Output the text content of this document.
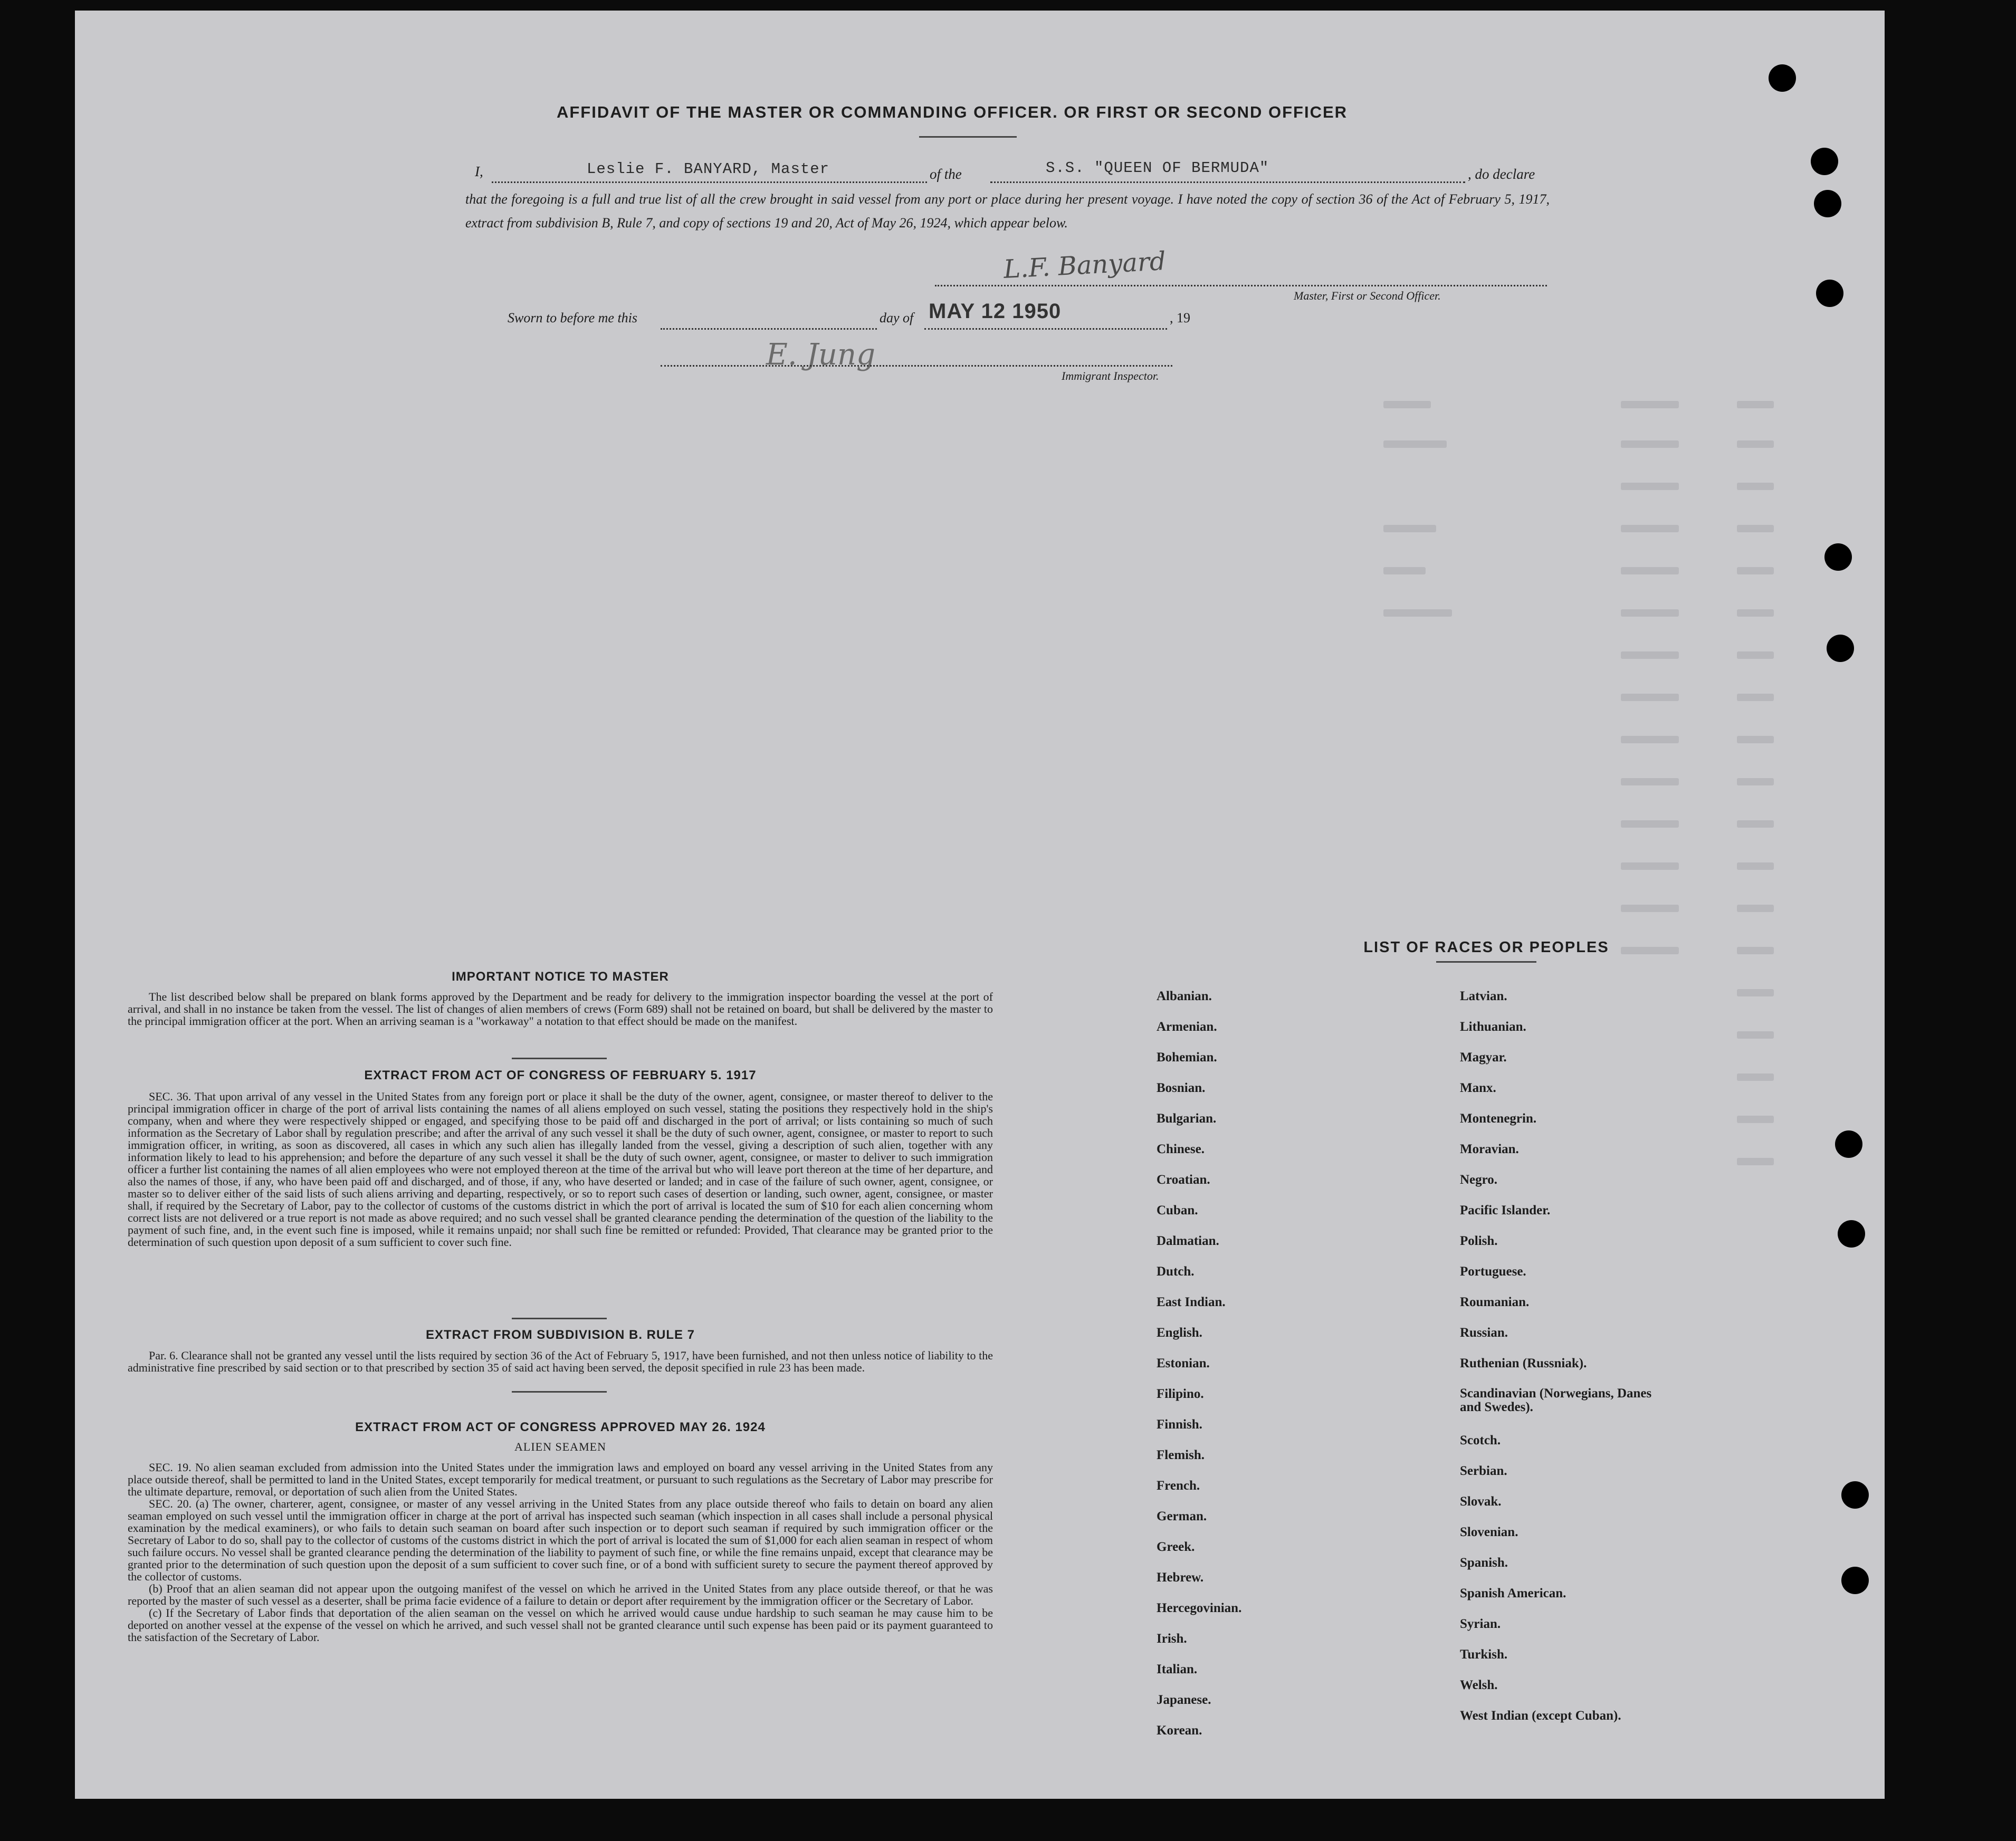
AFFIDAVIT OF THE MASTER OR COMMANDING OFFICER. OR FIRST OR SECOND OFFICER
I,	Leslie F. BANYARD, Master	of the	S.S. "QUEEN OF BERMUDA"	, do declare
that the foregoing is a full and true list of all the crew brought in said vessel from any port or place during her present voyage. I have noted the copy of section 36 of the Act of February 5, 1917, extract from subdivision B, Rule 7, and copy of sections 19 and 20, Act of May 26, 1924, which appear below.
L.F. Banyard
Master, First or Second Officer.
Sworn to before me this	day of MAY 12 1950	, 19
E. Jung
Immigrant Inspector.
IMPORTANT NOTICE TO MASTER
The list described below shall be prepared on blank forms approved by the Department and be ready for delivery to the immigration inspector boarding the vessel at the port of arrival, and shall in no instance be taken from the vessel. The list of changes of alien members of crews (Form 689) shall not be retained on board, but shall be delivered by the master to the principal immigration officer at the port. When an arriving seaman is a "workaway" a notation to that effect should be made on the manifest.
EXTRACT FROM ACT OF CONGRESS OF FEBRUARY 5. 1917
SEC. 36. That upon arrival of any vessel in the United States from any foreign port or place it shall be the duty of the owner, agent, consignee, or master thereof to deliver to the principal immigration officer in charge of the port of arrival lists containing the names of all aliens employed on such vessel, stating the positions they respectively hold in the ship's company, when and where they were respectively shipped or engaged, and specifying those to be paid off and discharged in the port of arrival; or lists containing so much of such information as the Secretary of Labor shall by regulation prescribe; and after the arrival of any such vessel it shall be the duty of such owner, agent, consignee, or master to report to such immigration officer, in writing, as soon as discovered, all cases in which any such alien has illegally landed from the vessel, giving a description of such alien, together with any information likely to lead to his apprehension; and before the departure of any such vessel it shall be the duty of such owner, agent, consignee, or master to deliver to such immigration officer a further list containing the names of all alien employees who were not employed thereon at the time of the arrival but who will leave port thereon at the time of her departure, and also the names of those, if any, who have been paid off and discharged, and of those, if any, who have deserted or landed; and in case of the failure of such owner, agent, consignee, or master so to deliver either of the said lists of such aliens arriving and departing, respectively, or so to report such cases of desertion or landing, such owner, agent, consignee, or master shall, if required by the Secretary of Labor, pay to the collector of customs of the customs district in which the port of arrival is located the sum of $10 for each alien concerning whom correct lists are not delivered or a true report is not made as above required; and no such vessel shall be granted clearance pending the determination of the question of the liability to the payment of such fine, and, in the event such fine is imposed, while it remains unpaid; nor shall such fine be remitted or refunded: Provided, That clearance may be granted prior to the determination of such question upon deposit of a sum sufficient to cover such fine.
EXTRACT FROM SUBDIVISION B. RULE 7
Par. 6. Clearance shall not be granted any vessel until the lists required by section 36 of the Act of February 5, 1917, have been furnished, and not then unless notice of liability to the administrative fine prescribed by said section or to that prescribed by section 35 of said act having been served, the deposit specified in rule 23 has been made.
EXTRACT FROM ACT OF CONGRESS APPROVED MAY 26. 1924
ALIEN SEAMEN
SEC. 19. No alien seaman excluded from admission into the United States under the immigration laws and employed on board any vessel arriving in the United States from any place outside thereof, shall be permitted to land in the United States, except temporarily for medical treatment, or pursuant to such regulations as the Secretary of Labor may prescribe for the ultimate departure, removal, or deportation of such alien from the United States.
SEC. 20. (a) The owner, charterer, agent, consignee, or master of any vessel arriving in the United States from any place outside thereof who fails to detain on board any alien seaman employed on such vessel until the immigration officer in charge at the port of arrival has inspected such seaman (which inspection in all cases shall include a personal physical examination by the medical examiners), or who fails to detain such seaman on board after such inspection or to deport such seaman if required by such immigration officer or the Secretary of Labor to do so, shall pay to the collector of customs of the customs district in which the port of arrival is located the sum of $1,000 for each alien seaman in respect of whom such failure occurs. No vessel shall be granted clearance pending the determination of the liability to payment of such fine, or while the fine remains unpaid, except that clearance may be granted prior to the determination of such question upon the deposit of a sum sufficient to cover such fine, or of a bond with sufficient surety to secure the payment thereof approved by the collector of customs.
(b) Proof that an alien seaman did not appear upon the outgoing manifest of the vessel on which he arrived in the United States from any place outside thereof, or that he was reported by the master of such vessel as a deserter, shall be prima facie evidence of a failure to detain or deport after requirement by the immigration officer or the Secretary of Labor.
(c) If the Secretary of Labor finds that deportation of the alien seaman on the vessel on which he arrived would cause undue hardship to such seaman he may cause him to be deported on another vessel at the expense of the vessel on which he arrived, and such vessel shall not be granted clearance until such expense has been paid or its payment guaranteed to the satisfaction of the Secretary of Labor.
LIST OF RACES OR PEOPLES
Albanian.
Armenian.
Bohemian.
Bosnian.
Bulgarian.
Chinese.
Croatian.
Cuban.
Dalmatian.
Dutch.
East Indian.
English.
Estonian.
Filipino.
Finnish.
Flemish.
French.
German.
Greek.
Hebrew.
Hercegovinian.
Irish.
Italian.
Japanese.
Korean.
Latvian.
Lithuanian.
Magyar.
Manx.
Montenegrin.
Moravian.
Negro.
Pacific Islander.
Polish.
Portuguese.
Roumanian.
Russian.
Ruthenian (Russniak).
Scandinavian (Norwegians, Danes and Swedes).
Scotch.
Serbian.
Slovak.
Slovenian.
Spanish.
Spanish American.
Syrian.
Turkish.
Welsh.
West Indian (except Cuban).
